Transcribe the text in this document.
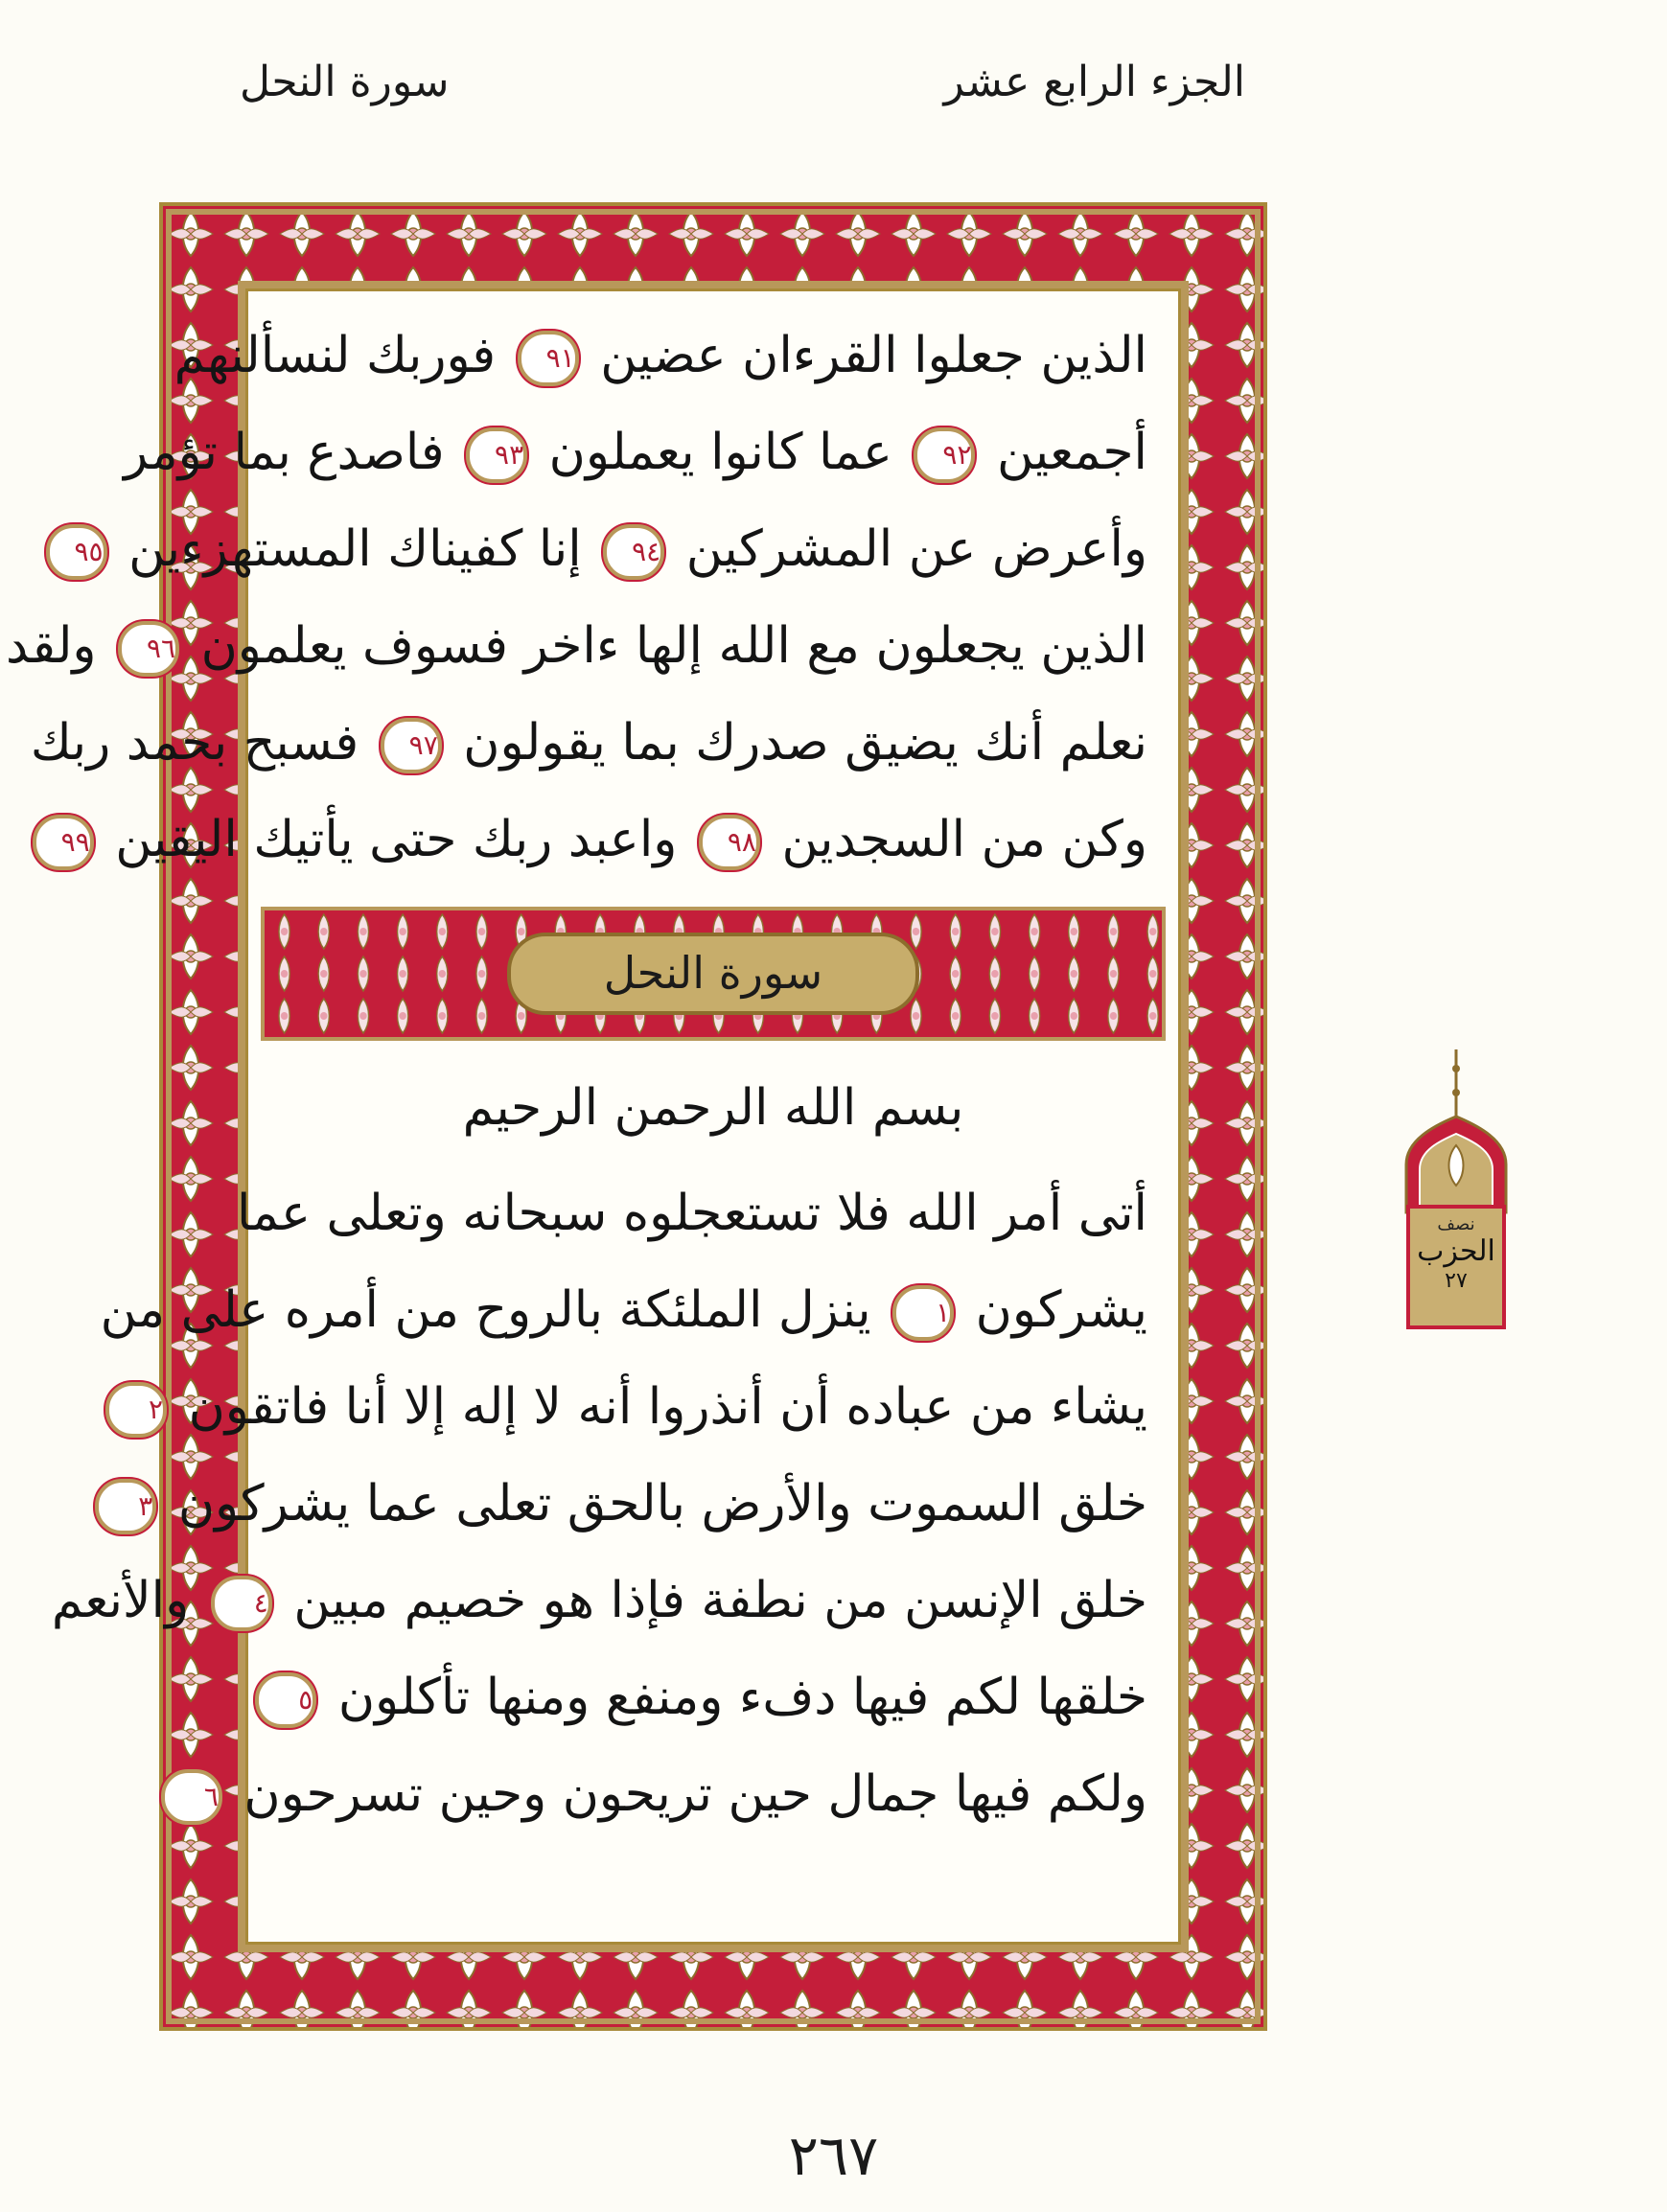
الجزء الرابع عشر
سورة النحل
الذين جعلوا القرءان عضين ٩١ فوربك لنسألنهم
أجمعين ٩٢ عما كانوا يعملون ٩٣ فاصدع بما تؤمر
وأعرض عن المشركين ٩٤ إنا كفيناك المستهزءين ٩٥
الذين يجعلون مع الله إلها ءاخر فسوف يعلمون ٩٦ ولقد
نعلم أنك يضيق صدرك بما يقولون ٩٧ فسبح بحمد ربك
وكن من السجدين ٩٨ واعبد ربك حتى يأتيك اليقين ٩٩
سورة النحل
بسم الله الرحمن الرحيم
أتى أمر الله فلا تستعجلوه سبحانه وتعلى عما
يشركون ١ ينزل الملئكة بالروح من أمره على من
يشاء من عباده أن أنذروا أنه لا إله إلا أنا فاتقون ٢
خلق السموت والأرض بالحق تعلى عما يشركون ٣
خلق الإنسن من نطفة فإذا هو خصيم مبين ٤ والأنعم
خلقها لكم فيها دفء ومنفع ومنها تأكلون ٥
ولكم فيها جمال حين تريحون وحين تسرحون ٦
نصف
الحزب
٢٧
٢٦٧
